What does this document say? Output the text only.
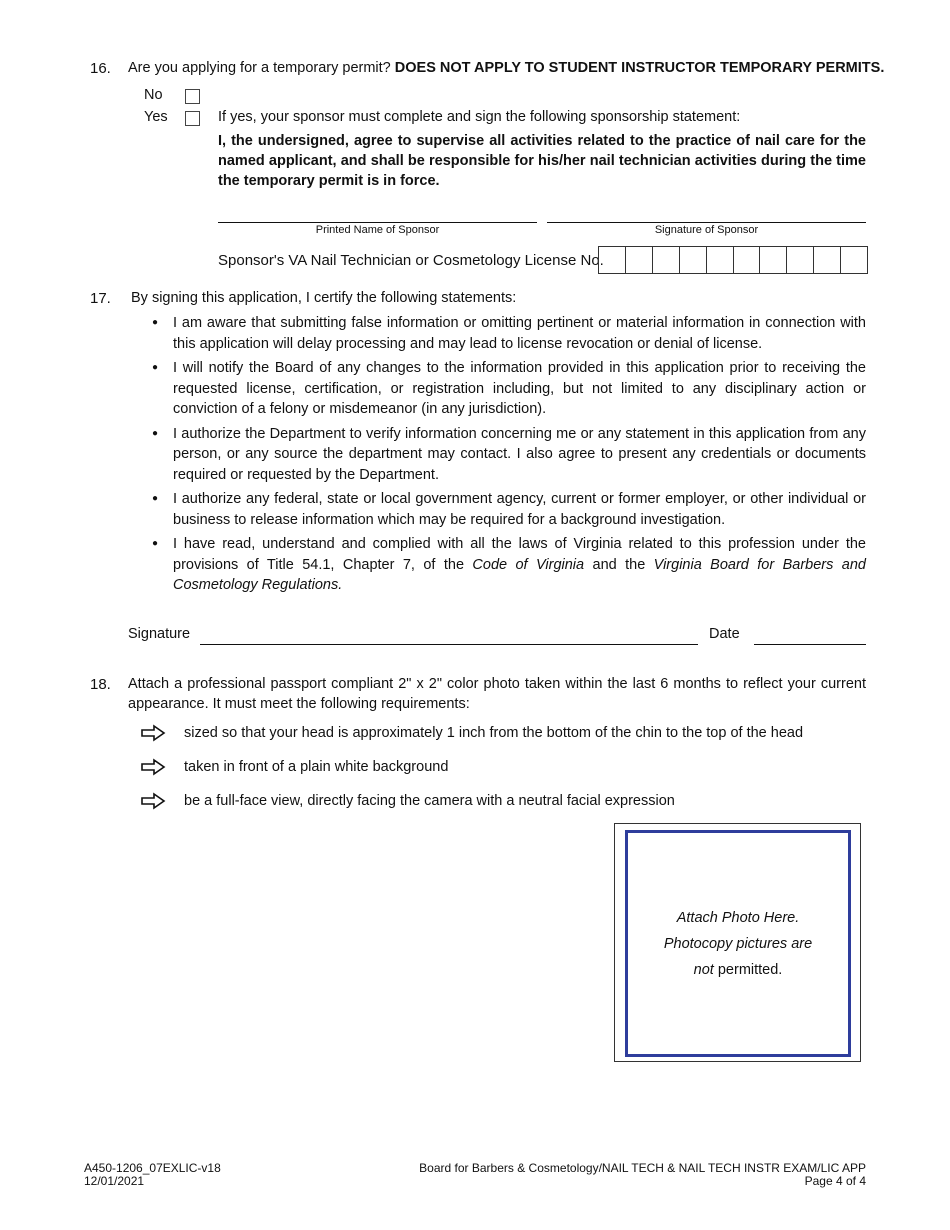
16. Are you applying for a temporary permit? DOES NOT APPLY TO STUDENT INSTRUCTOR TEMPORARY PERMITS.
No
Yes	If yes, your sponsor must complete and sign the following sponsorship statement:
I, the undersigned, agree to supervise all activities related to the practice of nail care for the named applicant, and shall be responsible for his/her nail technician activities during the time the temporary permit is in force.
Printed Name of Sponsor	Signature of Sponsor
Sponsor's VA Nail Technician or Cosmetology License No.
17. By signing this application, I certify the following statements:
● I am aware that submitting false information or omitting pertinent or material information in connection with this application will delay processing and may lead to license revocation or denial of license.
● I will notify the Board of any changes to the information provided in this application prior to receiving the requested license, certification, or registration including, but not limited to any disciplinary action or conviction of a felony or misdemeanor (in any jurisdiction).
● I authorize the Department to verify information concerning me or any statement in this application from any person, or any source the department may contact. I also agree to present any credentials or documents required or requested by the Department.
● I authorize any federal, state or local government agency, current or former employer, or other individual or business to release information which may be required for a background investigation.
● I have read, understand and complied with all the laws of Virginia related to this profession under the provisions of Title 54.1, Chapter 7, of the Code of Virginia and the Virginia Board for Barbers and Cosmetology Regulations.
Signature	Date
18. Attach a professional passport compliant 2" x 2" color photo taken within the last 6 months to reflect your current appearance. It must meet the following requirements:
sized so that your head is approximately 1 inch from the bottom of the chin to the top of the head
taken in front of a plain white background
be a full-face view, directly facing the camera with a neutral facial expression
Attach Photo Here.
Photocopy pictures are
not permitted.
A450-1206_07EXLIC-v18
12/01/2021
Board for Barbers & Cosmetology/NAIL TECH & NAIL TECH INSTR EXAM/LIC APP
Page 4 of 4
